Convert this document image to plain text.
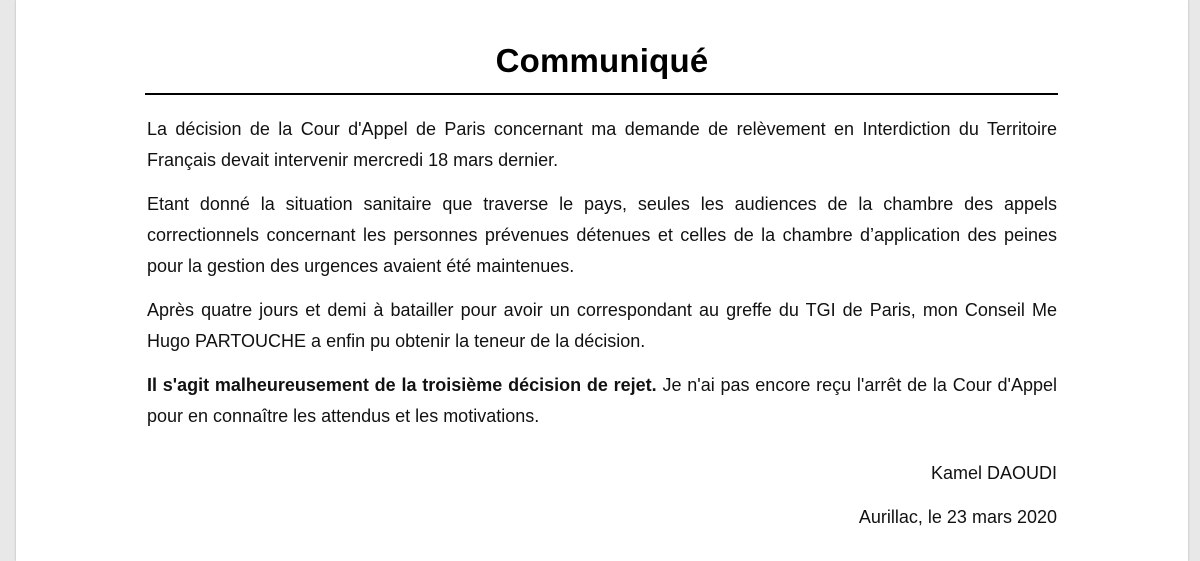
Communiqué

La décision de la Cour d'Appel de Paris concernant ma demande de relèvement en Interdiction du Territoire Français devait intervenir mercredi 18 mars dernier.

Etant donné la situation sanitaire que traverse le pays, seules les audiences de la chambre des appels correctionnels concernant les personnes prévenues détenues et celles de la chambre d’application des peines pour la gestion des urgences avaient été maintenues.

Après quatre jours et demi à batailler pour avoir un correspondant au greffe du TGI de Paris, mon Conseil Me Hugo PARTOUCHE a enfin pu obtenir la teneur de la décision.

Il s'agit malheureusement de la troisième décision de rejet. Je n'ai pas encore reçu l'arrêt de la Cour d'Appel pour en connaître les attendus et les motivations.

Kamel DAOUDI

Aurillac, le 23 mars 2020
